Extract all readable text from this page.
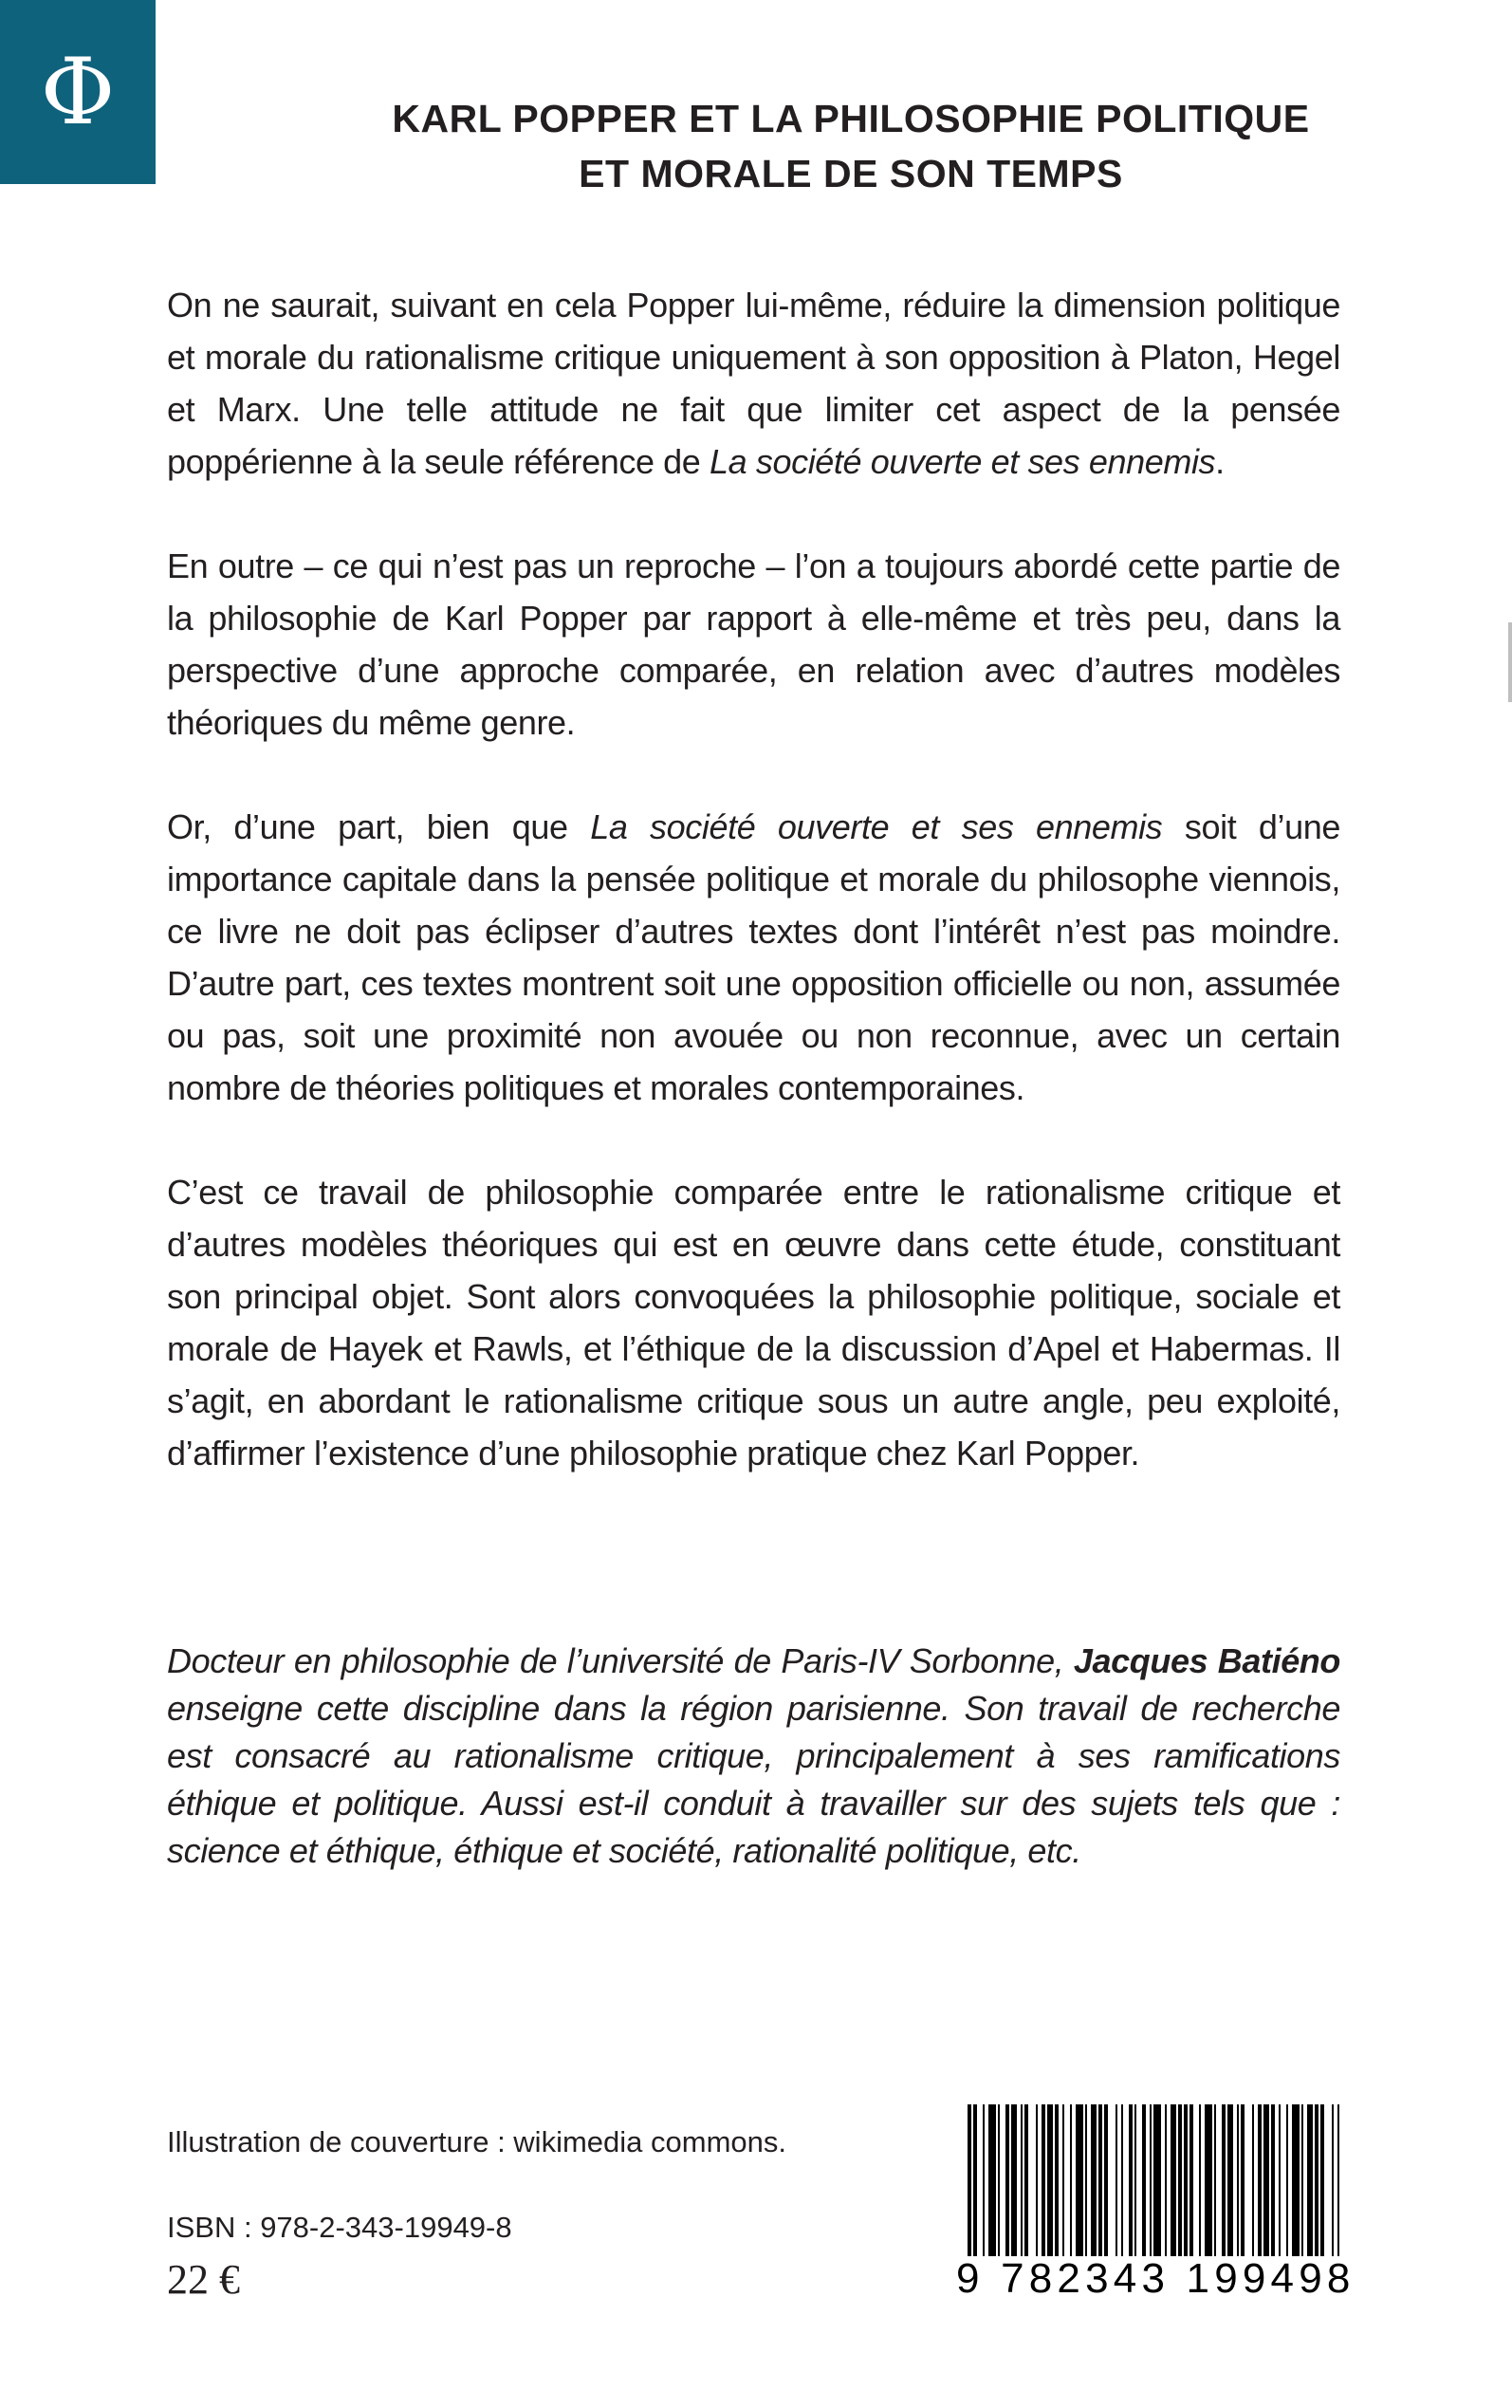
Φ	KARL POPPER ET LA PHILOSOPHIE POLITIQUE
ET MORALE DE SON TEMPS

On ne saurait, suivant en cela Popper lui-même, réduire la dimension politique et morale du rationalisme critique uniquement à son opposition à Platon, Hegel et Marx. Une telle attitude ne fait que limiter cet aspect de la pensée poppérienne à la seule référence de La société ouverte et ses ennemis.

En outre – ce qui n’est pas un reproche – l’on a toujours abordé cette partie de la philosophie de Karl Popper par rapport à elle-même et très peu, dans la perspective d’une approche comparée, en relation avec d’autres modèles théoriques du même genre.

Or, d’une part, bien que La société ouverte et ses ennemis soit d’une importance capitale dans la pensée politique et morale du philosophe viennois, ce livre ne doit pas éclipser d’autres textes dont l’intérêt n’est pas moindre. D’autre part, ces textes montrent soit une opposition officielle ou non, assumée ou pas, soit une proximité non avouée ou non reconnue, avec un certain nombre de théories politiques et morales contemporaines.

C’est ce travail de philosophie comparée entre le rationalisme critique et d’autres modèles théoriques qui est en œuvre dans cette étude, constituant son principal objet. Sont alors convoquées la philosophie politique, sociale et morale de Hayek et Rawls, et l’éthique de la discussion d’Apel et Habermas. Il s’agit, en abordant le rationalisme critique sous un autre angle, peu exploité, d’affirmer l’existence d’une philosophie pratique chez Karl Popper.

Docteur en philosophie de l’université de Paris-IV Sorbonne, Jacques Batiéno enseigne cette discipline dans la région parisienne. Son travail de recherche est consacré au rationalisme critique, principalement à ses ramifications éthique et politique. Aussi est-il conduit à travailler sur des sujets tels que : science et éthique, éthique et société, rationalité politique, etc.
Illustration de couverture : wikimedia commons.
ISBN : 978-2-343-19949-8
22 €	9 782343 199498
